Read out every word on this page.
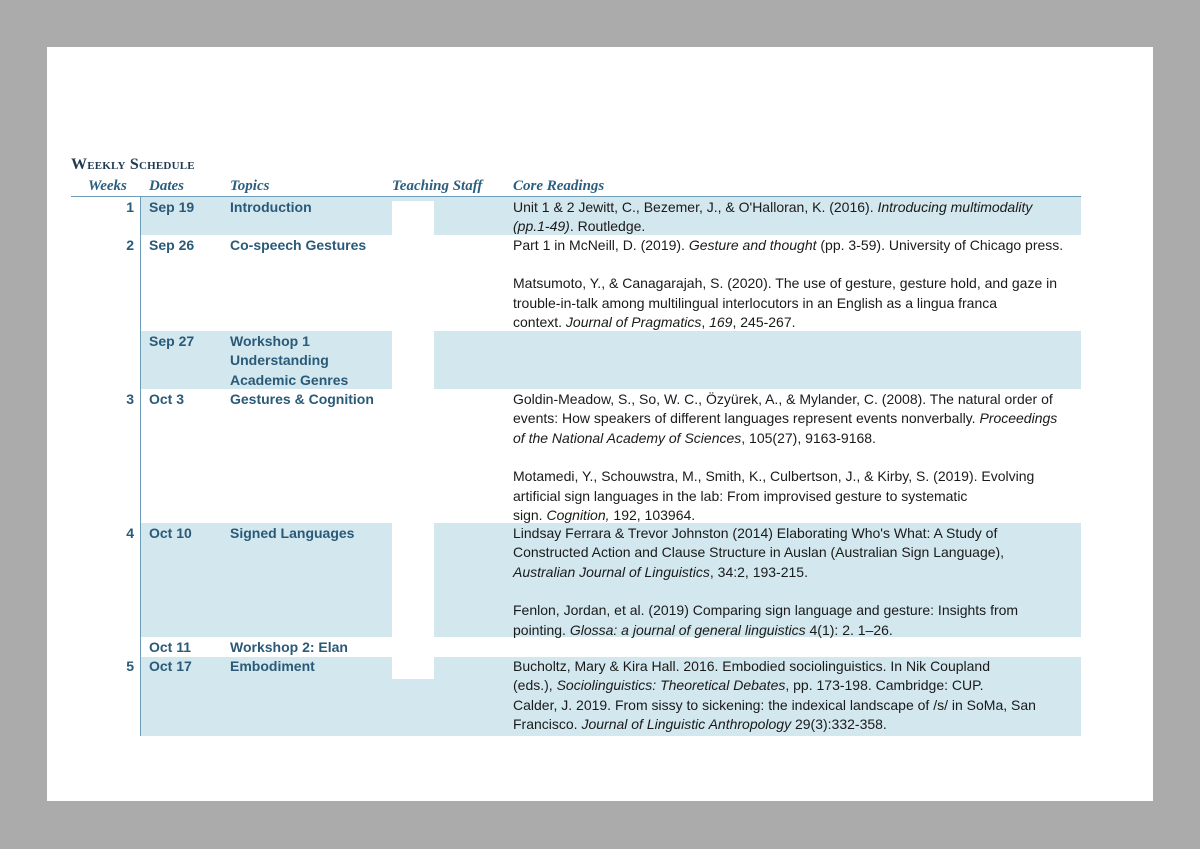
Weekly Schedule
Weeks Dates	Topics	Teaching Staff Core Readings
1 Sep 19	Introduction	Unit 1 & 2 Jewitt, C., Bezemer, J., & O'Halloran, K. (2016). Introducing multimodality

(pp.1-49). Routledge.

2 Sep 26	Co-speech Gestures	Part 1 in McNeill, D. (2019). Gesture and thought (pp. 3-59). University of Chicago press.

Matsumoto, Y., & Canagarajah, S. (2020). The use of gesture, gesture hold, and gaze in

trouble-in-talk among multilingual interlocutors in an English as a lingua franca

context. Journal of Pragmatics, 169, 245-267.

Sep 27	Workshop 1
Understanding
Academic Genres
3 Oct 3	Gestures & Cognition	Goldin-Meadow, S., So, W. C., Özyürek, A., & Mylander, C. (2008). The natural order of

events: How speakers of different languages represent events nonverbally. Proceedings

of the National Academy of Sciences, 105(27), 9163-9168.

Motamedi, Y., Schouwstra, M., Smith, K., Culbertson, J., & Kirby, S. (2019). Evolving

artificial sign languages in the lab: From improvised gesture to systematic

sign. Cognition, 192, 103964.

4 Oct 10	Signed Languages	Lindsay Ferrara & Trevor Johnston (2014) Elaborating Who's What: A Study of

Constructed Action and Clause Structure in Auslan (Australian Sign Language),

Australian Journal of Linguistics, 34:2, 193-215.

Fenlon, Jordan, et al. (2019) Comparing sign language and gesture: Insights from

pointing. Glossa: a journal of general linguistics 4(1): 2. 1–26.

Oct 11	Workshop 2: Elan
5 Oct 17	Embodiment	Bucholtz, Mary & Kira Hall. 2016. Embodied sociolinguistics. In Nik Coupland

(eds.), Sociolinguistics: Theoretical Debates, pp. 173-198. Cambridge: CUP.

Calder, J. 2019. From sissy to sickening: the indexical landscape of /s/ in SoMa, San

Francisco. Journal of Linguistic Anthropology 29(3):332-358.
